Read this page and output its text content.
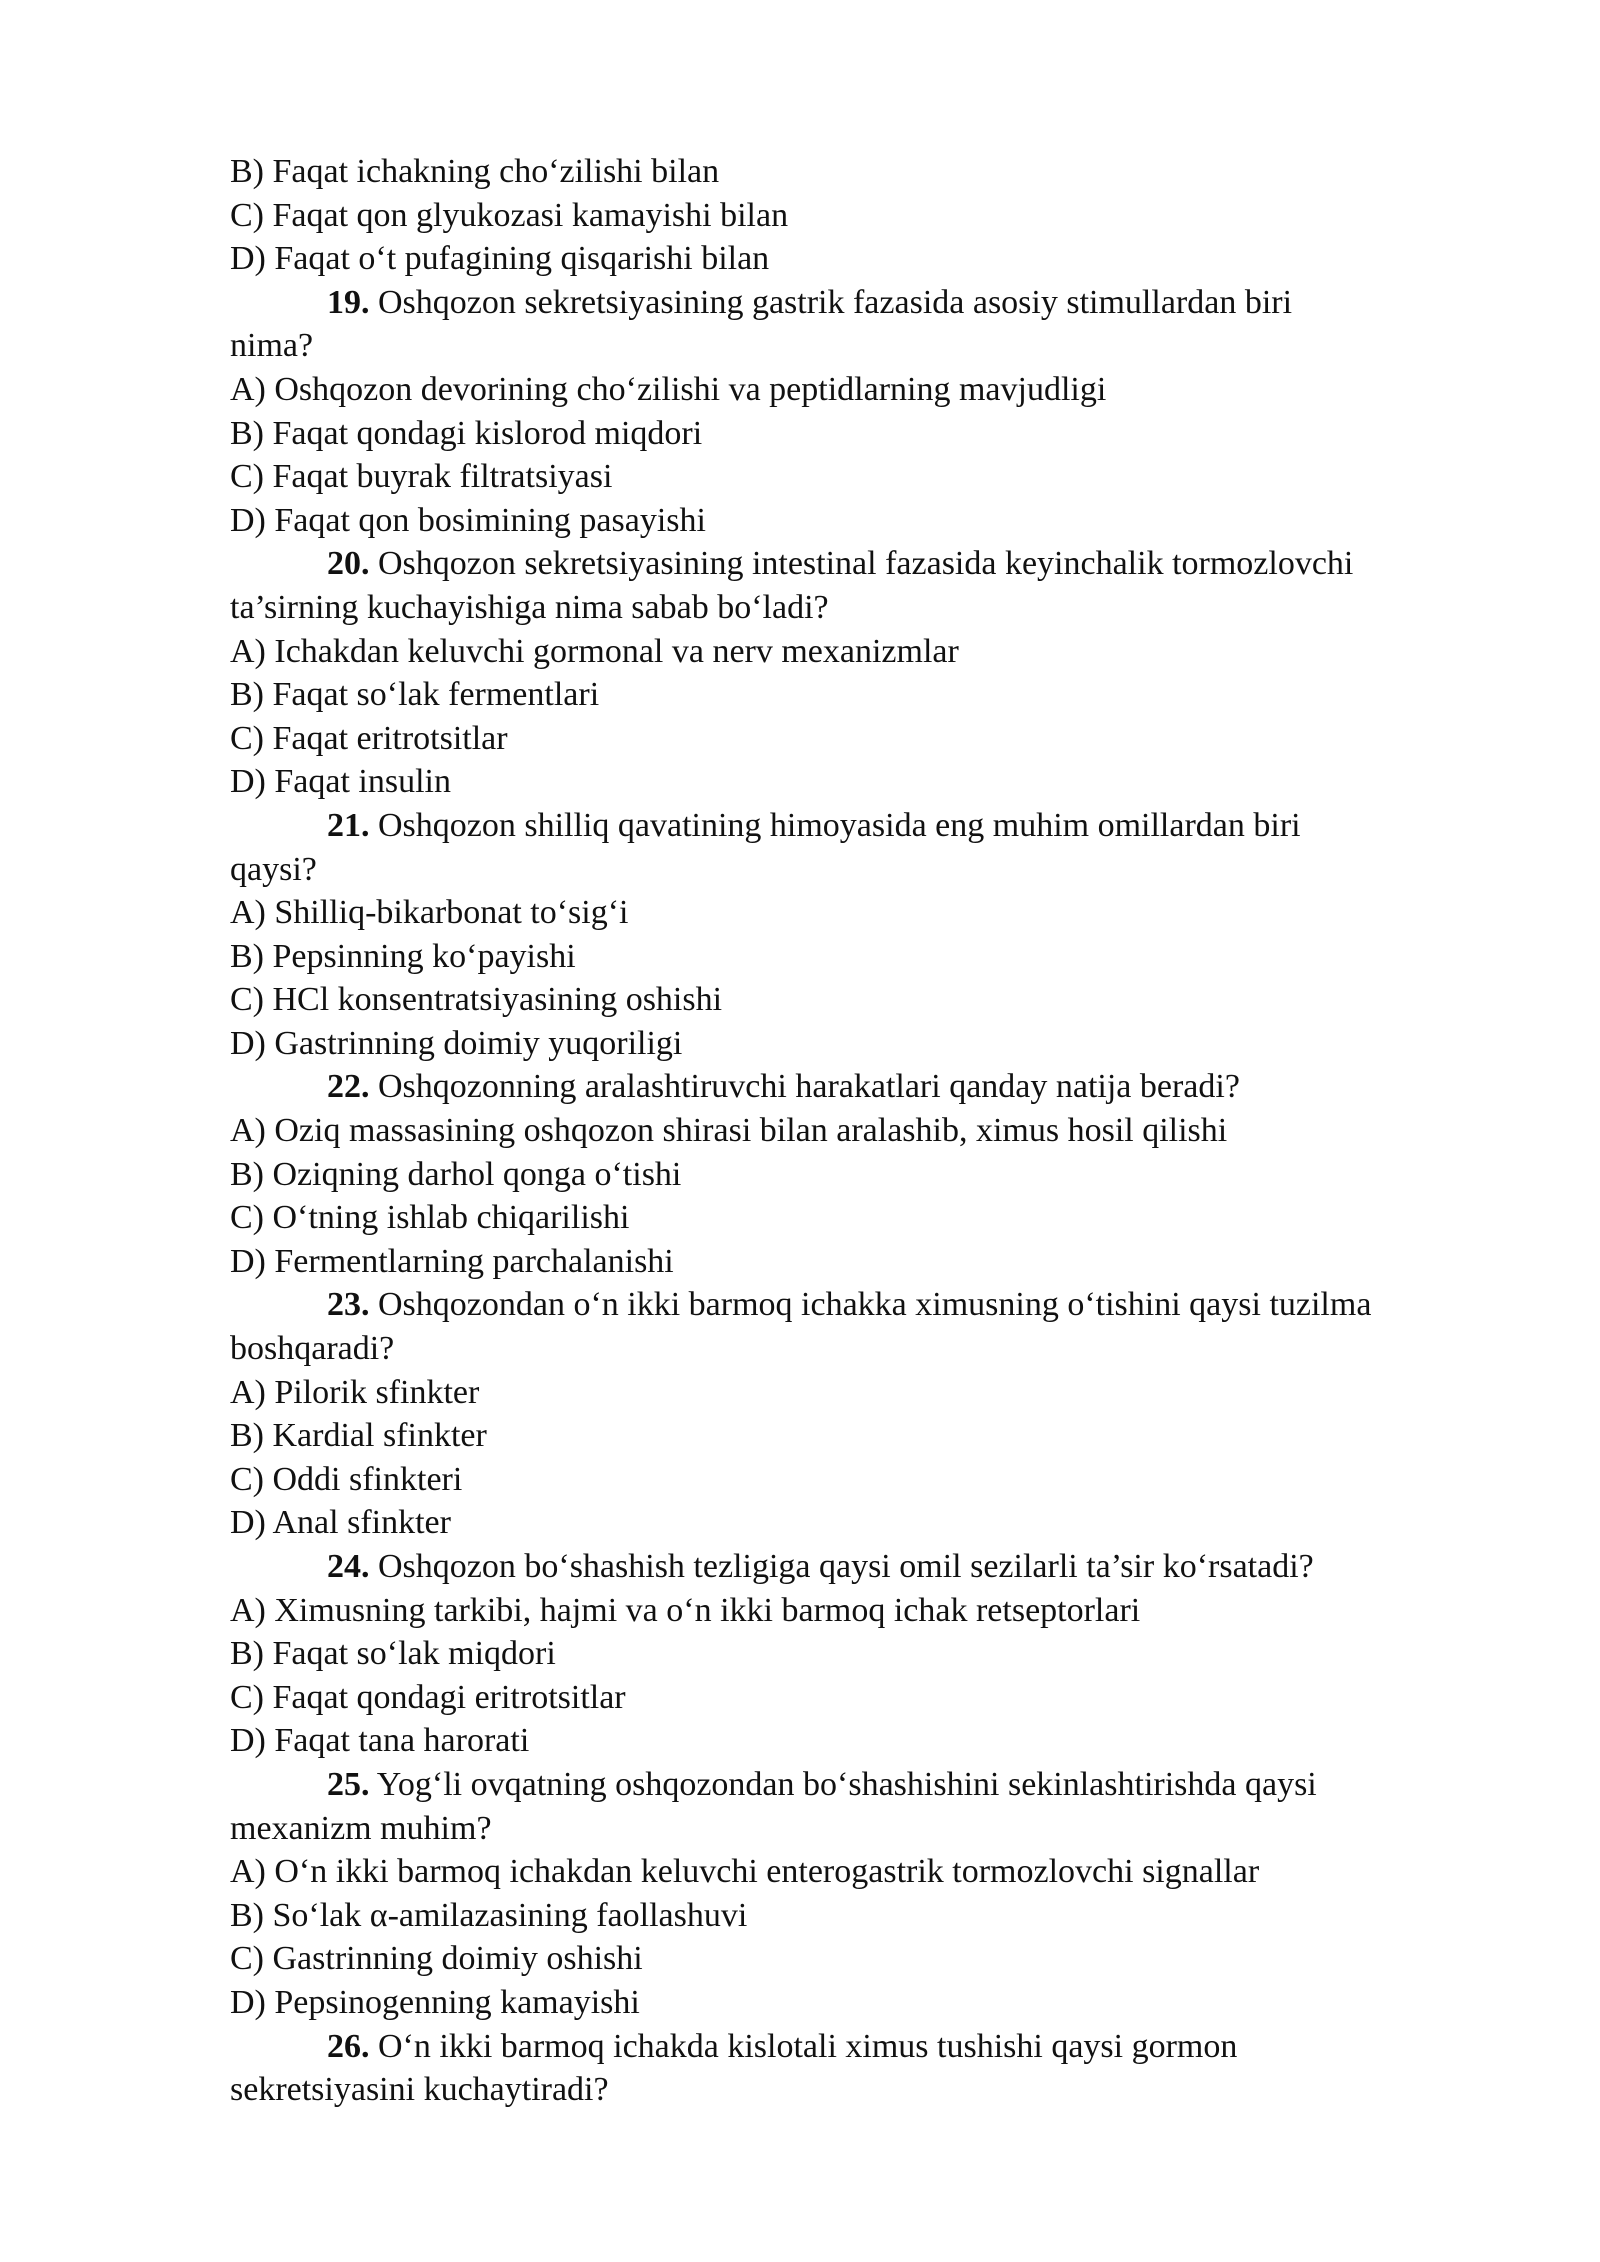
B) Faqat ichakning cho‘zilishi bilan
C) Faqat qon glyukozasi kamayishi bilan
D) Faqat o‘t pufagining qisqarishi bilan
19. Oshqozon sekretsiyasining gastrik fazasida asosiy stimullardan biri
nima?
A) Oshqozon devorining cho‘zilishi va peptidlarning mavjudligi
B) Faqat qondagi kislorod miqdori
C) Faqat buyrak filtratsiyasi
D) Faqat qon bosimining pasayishi
20. Oshqozon sekretsiyasining intestinal fazasida keyinchalik tormozlovchi
ta’sirning kuchayishiga nima sabab bo‘ladi?
A) Ichakdan keluvchi gormonal va nerv mexanizmlar
B) Faqat so‘lak fermentlari
C) Faqat eritrotsitlar
D) Faqat insulin
21. Oshqozon shilliq qavatining himoyasida eng muhim omillardan biri
qaysi?
A) Shilliq-bikarbonat to‘sig‘i
B) Pepsinning ko‘payishi
C) HCl konsentratsiyasining oshishi
D) Gastrinning doimiy yuqoriligi
22. Oshqozonning aralashtiruvchi harakatlari qanday natija beradi?
A) Oziq massasining oshqozon shirasi bilan aralashib, ximus hosil qilishi
B) Oziqning darhol qonga o‘tishi
C) O‘tning ishlab chiqarilishi
D) Fermentlarning parchalanishi
23. Oshqozondan o‘n ikki barmoq ichakka ximusning o‘tishini qaysi tuzilma
boshqaradi?
A) Pilorik sfinkter
B) Kardial sfinkter
C) Oddi sfinkteri
D) Anal sfinkter
24. Oshqozon bo‘shashish tezligiga qaysi omil sezilarli ta’sir ko‘rsatadi?
A) Ximusning tarkibi, hajmi va o‘n ikki barmoq ichak retseptorlari
B) Faqat so‘lak miqdori
C) Faqat qondagi eritrotsitlar
D) Faqat tana harorati
25. Yog‘li ovqatning oshqozondan bo‘shashishini sekinlashtirishda qaysi
mexanizm muhim?
A) O‘n ikki barmoq ichakdan keluvchi enterogastrik tormozlovchi signallar
B) So‘lak α-amilazasining faollashuvi
C) Gastrinning doimiy oshishi
D) Pepsinogenning kamayishi
26. O‘n ikki barmoq ichakda kislotali ximus tushishi qaysi gormon
sekretsiyasini kuchaytiradi?
